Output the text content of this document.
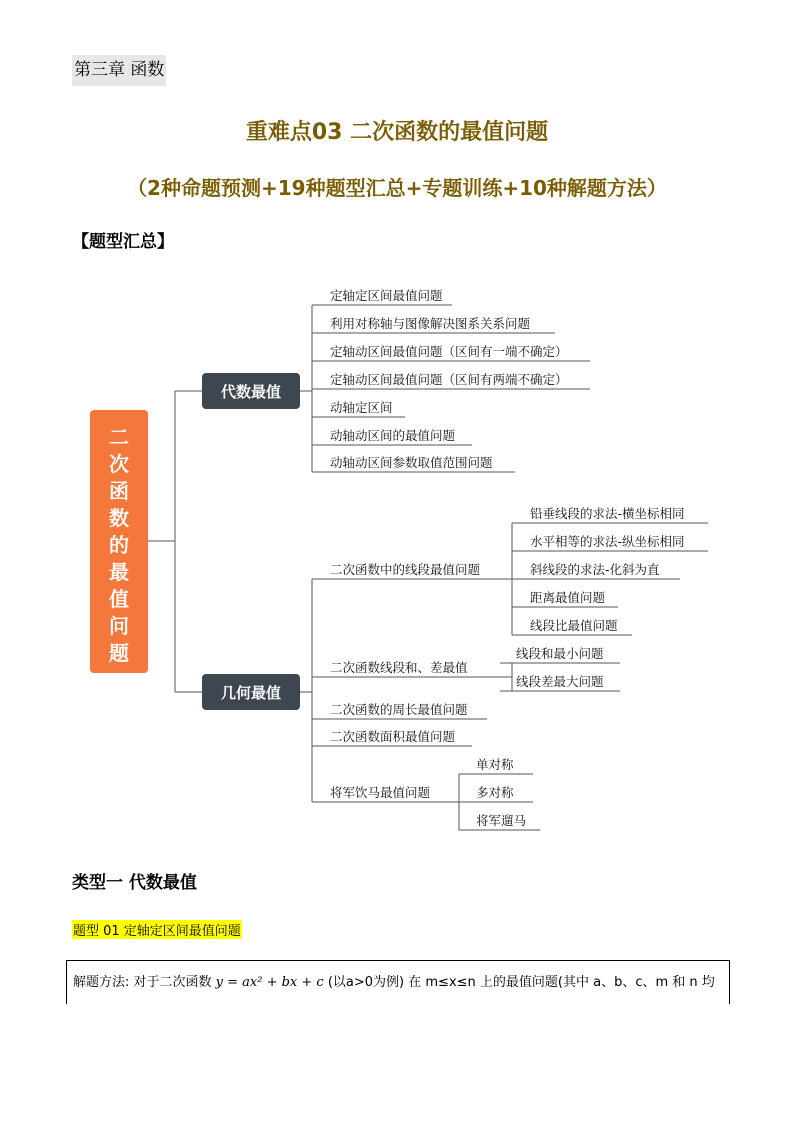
第三章 函数
重难点03 二次函数的最值问题
（2种命题预测+19种题型汇总+专题训练+10种解题方法）
【题型汇总】
二
次
函
数
的
最
值
问
题
代数最值
几何最值
定轴定区间最值问题
利用对称轴与图像解决图系关系问题
定轴动区间最值问题（区间有一端不确定）
定轴动区间最值问题（区间有两端不确定）
动轴定区间
动轴动区间的最值问题
动轴动区间参数取值范围问题
二次函数中的线段最值问题
二次函数线段和、差最值
二次函数的周长最值问题
二次函数面积最值问题
将军饮马最值问题
铅垂线段的求法-横坐标相同
水平相等的求法-纵坐标相同
斜线段的求法-化斜为直
距离最值问题
线段比最值问题
线段和最小问题
线段差最大问题
单对称
多对称
将军遛马
类型一 代数最值
题型 01 定轴定区间最值问题
解题方法: 对于二次函数 y = ax² + bx + c (以a>0为例) 在 m≤x≤n 上的最值问题(其中 a、b、c、m 和 n 均
